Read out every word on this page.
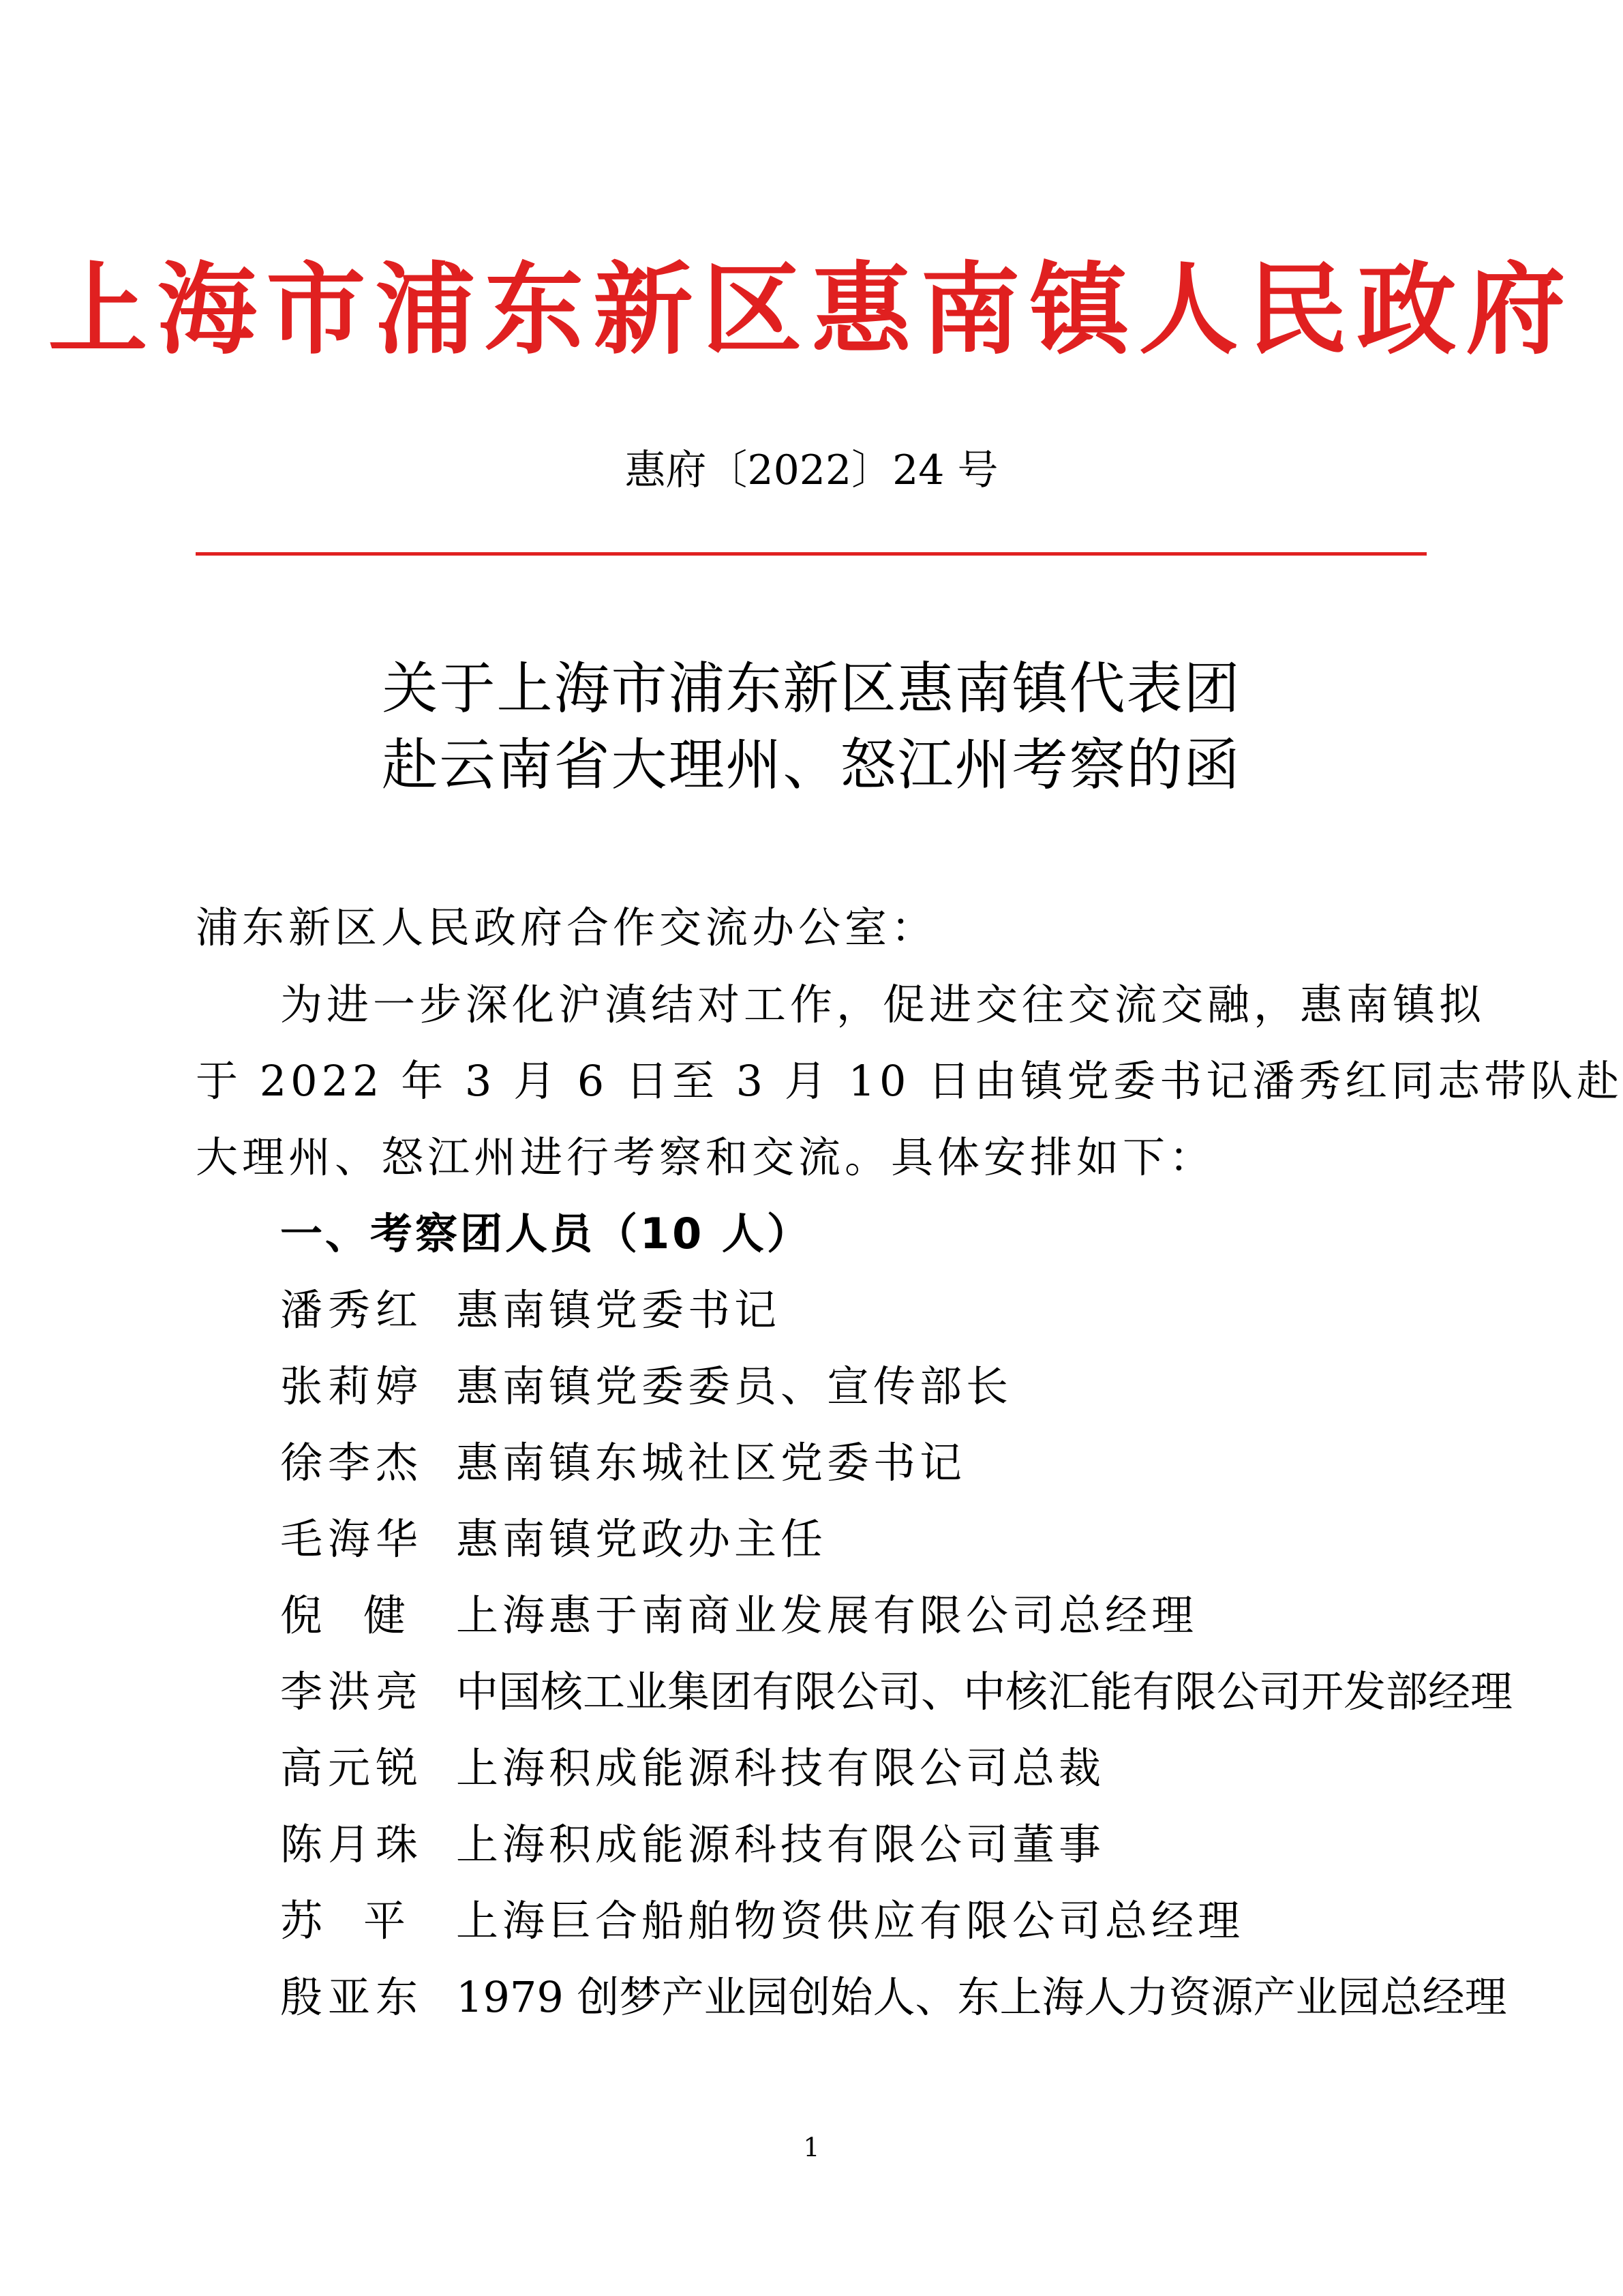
上海市浦东新区惠南镇人民政府
惠府〔2022〕24 号
关于上海市浦东新区惠南镇代表团
赴云南省大理州、怒江州考察的函
浦东新区人民政府合作交流办公室：
为进一步深化沪滇结对工作，促进交往交流交融，惠南镇拟
于 2022 年 3 月 6 日至 3 月 10 日由镇党委书记潘秀红同志带队赴
大理州、怒江州进行考察和交流。具体安排如下：
一、考察团人员（10 人）
潘秀红 惠南镇党委书记
张莉婷 惠南镇党委委员、宣传部长
徐李杰 惠南镇东城社区党委书记
毛海华 惠南镇党政办主任
倪健 上海惠于南商业发展有限公司总经理
李洪亮 中国核工业集团有限公司、中核汇能有限公司开发部经理
高元锐 上海积成能源科技有限公司总裁
陈月珠 上海积成能源科技有限公司董事
苏平 上海巨合船舶物资供应有限公司总经理
殷亚东 1979 创梦产业园创始人、东上海人力资源产业园总经理
1
